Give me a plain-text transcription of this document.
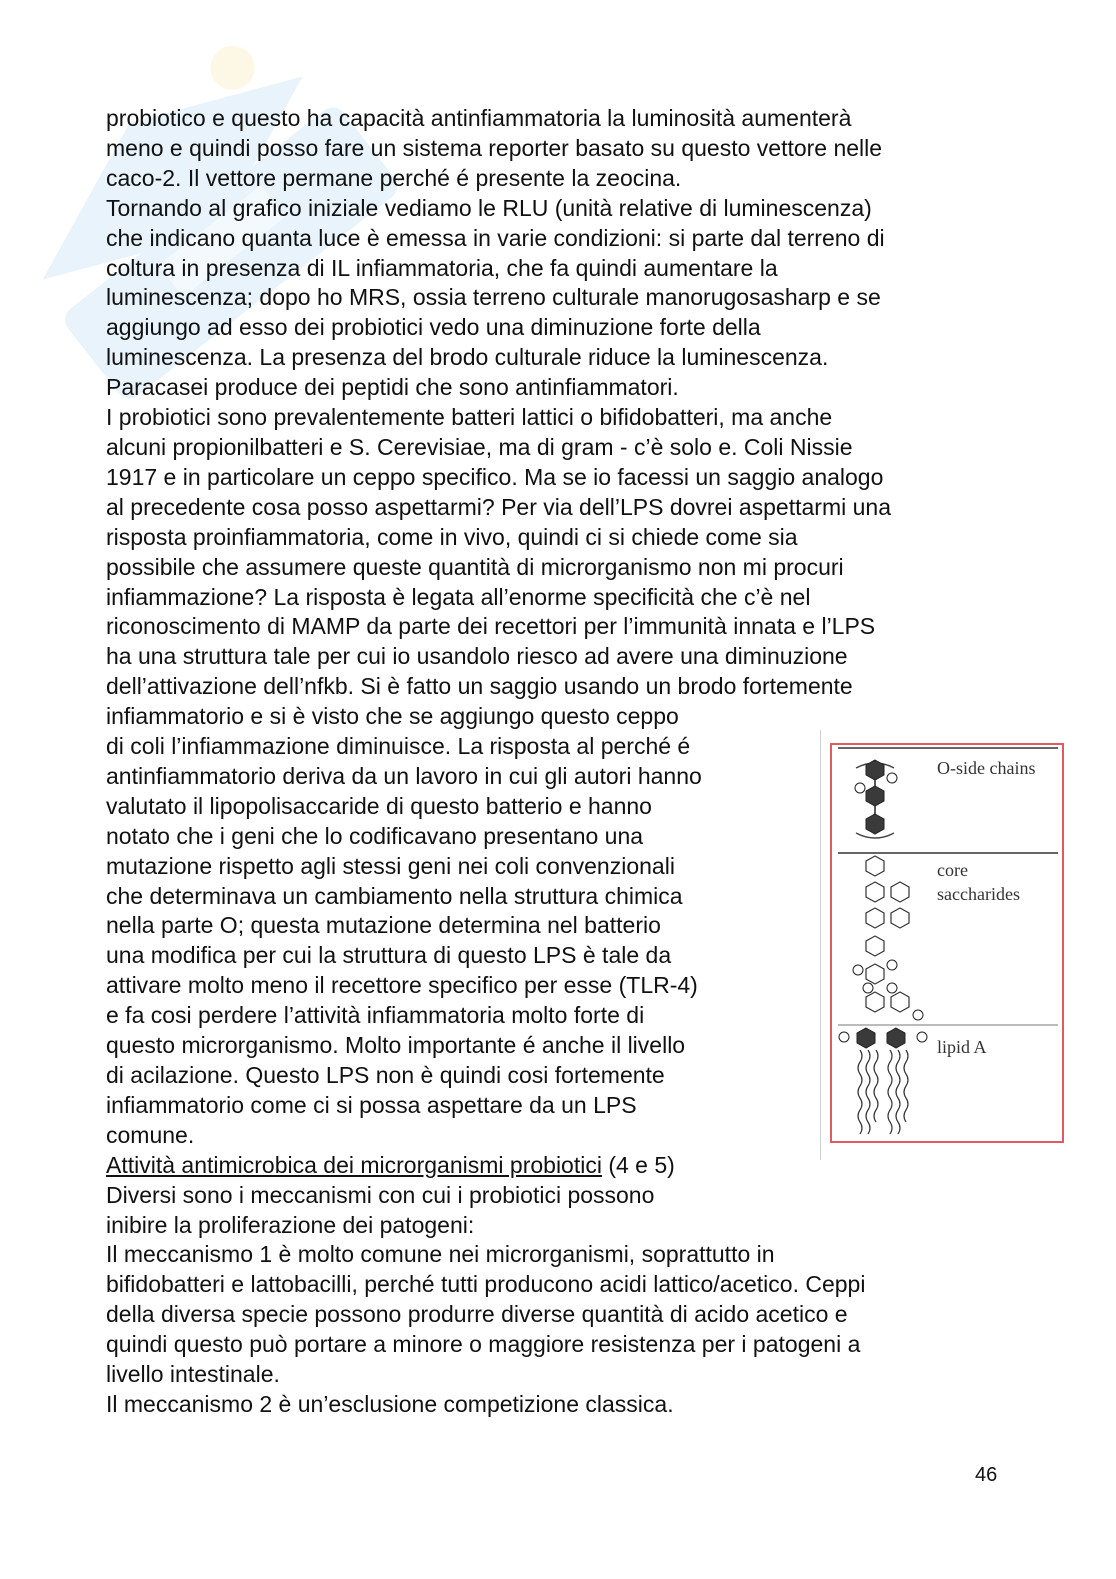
probiotico e questo ha capacità antinfiammatoria la luminosità aumenterà

meno e quindi posso fare un sistema reporter basato su questo vettore nelle

caco-2. Il vettore permane perché é presente la zeocina.

Tornando al grafico iniziale vediamo le RLU (unità relative di luminescenza)

che indicano quanta luce è emessa in varie condizioni: si parte dal terreno di

coltura in presenza di IL infiammatoria, che fa quindi aumentare la

luminescenza; dopo ho MRS, ossia terreno culturale manorugosasharp e se

aggiungo ad esso dei probiotici vedo una diminuzione forte della

luminescenza. La presenza del brodo culturale riduce la luminescenza.

Paracasei produce dei peptidi che sono antinfiammatori.

I probiotici sono prevalentemente batteri lattici o bifidobatteri, ma anche

alcuni propionilbatteri e S. Cerevisiae, ma di gram - c’è solo e. Coli Nissie

1917 e in particolare un ceppo specifico. Ma se io facessi un saggio analogo

al precedente cosa posso aspettarmi? Per via dell’LPS dovrei aspettarmi una

risposta proinfiammatoria, come in vivo, quindi ci si chiede come sia

possibile che assumere queste quantità di microrganismo non mi procuri

infiammazione? La risposta è legata all’enorme specificità che c’è nel

riconoscimento di MAMP da parte dei recettori per l’immunità innata e l’LPS

ha una struttura tale per cui io usandolo riesco ad avere una diminuzione

dell’attivazione dell’nfkb. Si è fatto un saggio usando un brodo fortemente

infiammatorio e si è visto che se aggiungo questo ceppo

di coli l’infiammazione diminuisce. La risposta al perché é

antinfiammatorio deriva da un lavoro in cui gli autori hanno

valutato il lipopolisaccaride di questo batterio e hanno

notato che i geni che lo codificavano presentano una

mutazione rispetto agli stessi geni nei coli convenzionali

che determinava un cambiamento nella struttura chimica

nella parte O; questa mutazione determina nel batterio

una modifica per cui la struttura di questo LPS è tale da

attivare molto meno il recettore specifico per esse (TLR-4)

e fa cosi perdere l’attività infiammatoria molto forte di

questo microrganismo. Molto importante é anche il livello

di acilazione. Questo LPS non è quindi cosi fortemente

infiammatorio come ci si possa aspettare da un LPS

comune.

Attività antimicrobica dei microrganismi probiotici (4 e 5)

Diversi sono i meccanismi con cui i probiotici possono

inibire la proliferazione dei patogeni:

Il meccanismo 1 è molto comune nei microrganismi, soprattutto in

bifidobatteri e lattobacilli, perché tutti producono acidi lattico/acetico. Ceppi

della diversa specie possono produrre diverse quantità di acido acetico e

quindi questo può portare a minore o maggiore resistenza per i patogeni a

livello intestinale.

Il meccanismo 2 è un’esclusione competizione classica.

O-side chains
core
saccharides
lipid A
46
